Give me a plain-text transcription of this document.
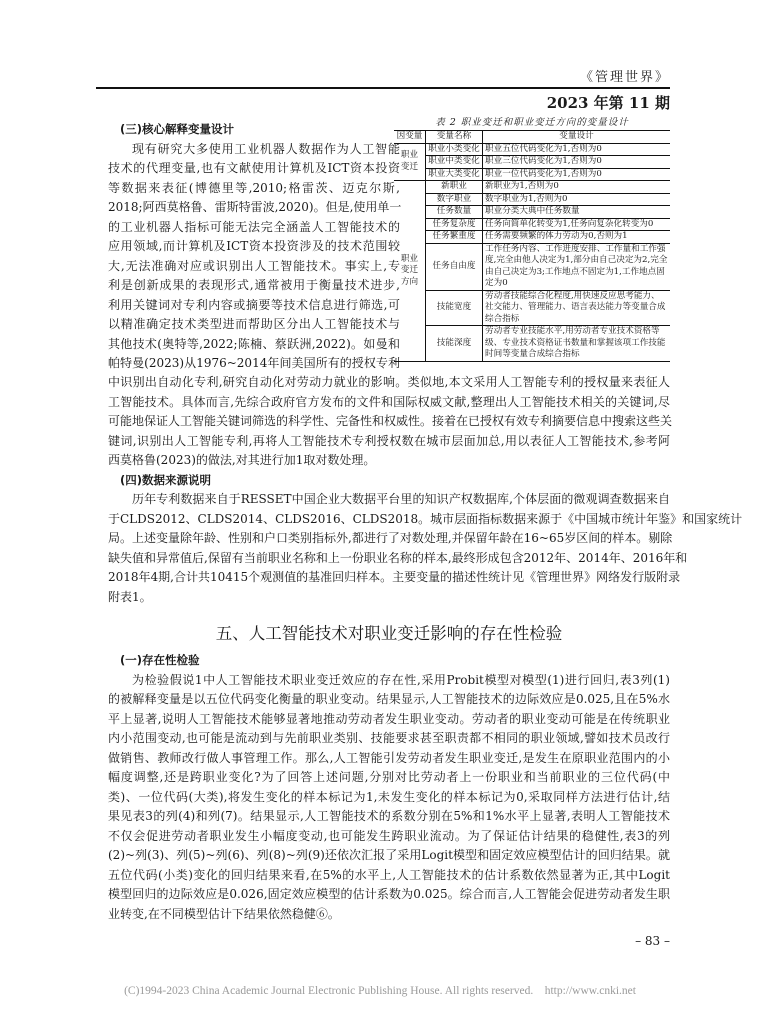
《管理世界》
2023 年第 11 期
(三)核心解释变量设计
现有研究大多使用工业机器人数据作为人工智能
技术的代理变量,也有文献使用计算机及ICT资本投资
等数据来表征(博德里等,2010;格雷茨、迈克尔斯,
2018;阿西莫格鲁、雷斯特雷波,2020)。但是,使用单一
的工业机器人指标可能无法完全涵盖人工智能技术的
应用领域,而计算机及ICT资本投资涉及的技术范围较
大,无法准确对应或识别出人工智能技术。事实上,专
利是创新成果的表现形式,通常被用于衡量技术进步,
利用关键词对专利内容或摘要等技术信息进行筛选,可
以精准确定技术类型进而帮助区分出人工智能技术与
其他技术(奥特等,2022;陈楠、蔡跃洲,2022)。如曼和
帕特曼(2023)从1976~2014年间美国所有的授权专利
表 2 职业变迁和职业变迁方向的变量设计
因变量	变量名称	变量设计
职业
变迁	职业小类变化	职业五位代码变化为1,否则为0
	职业中类变化	职业三位代码变化为1,否则为0
	职业大类变化	职业一位代码变化为1,否则为0
职业
变迁
方向	新职业	新职业为1,否则为0
	数字职业	数字职业为1,否则为0
	任务数量	职业分类大典中任务数量
	任务复杂度	任务向简单化转变为1,任务向复杂化转变为0
	任务繁重度	任务需要频繁的体力劳动为0,否则为1
	任务自由度	工作任务内容、工作进度安排、工作量和工作强度,完全由他人决定为1,部分由自己决定为2,完全由自己决定为3;工作地点不固定为1,工作地点固定为0
	技能宽度	劳动者技能综合化程度,用快速反应思考能力、社交能力、管理能力、语言表达能力等变量合成综合指标
	技能深度	劳动者专业技能水平,用劳动者专业技术资格等级、专业技术资格证书数量和掌握该项工作技能时间等变量合成综合指标
中识别出自动化专利,研究自动化对劳动力就业的影响。类似地,本文采用人工智能专利的授权量来表征人
工智能技术。具体而言,先综合政府官方发布的文件和国际权威文献,整理出人工智能技术相关的关键词,尽
可能地保证人工智能关键词筛选的科学性、完备性和权威性。接着在已授权有效专利摘要信息中搜索这些关
键词,识别出人工智能专利,再将人工智能技术专利授权数在城市层面加总,用以表征人工智能技术,参考阿
西莫格鲁(2023)的做法,对其进行加1取对数处理。
(四)数据来源说明
历年专利数据来自于RESSET中国企业大数据平台里的知识产权数据库,个体层面的微观调查数据来自
于CLDS2012、CLDS2014、CLDS2016、CLDS2018。城市层面指标数据来源于《中国城市统计年鉴》和国家统计
局。上述变量除年龄、性别和户口类别指标外,都进行了对数处理,并保留年龄在16~65岁区间的样本。剔除
缺失值和异常值后,保留有当前职业名称和上一份职业名称的样本,最终形成包含2012年、2014年、2016年和
2018年4期,合计共10415个观测值的基准回归样本。主要变量的描述性统计见《管理世界》网络发行版附录
附表1。
五、人工智能技术对职业变迁影响的存在性检验
(一)存在性检验
为检验假说1中人工智能技术职业变迁效应的存在性,采用Probit模型对模型(1)进行回归,表3列(1)
的被解释变量是以五位代码变化衡量的职业变动。结果显示,人工智能技术的边际效应是0.025,且在5%水
平上显著,说明人工智能技术能够显著地推动劳动者发生职业变动。劳动者的职业变动可能是在传统职业
内小范围变动,也可能是流动到与先前职业类别、技能要求甚至职责都不相同的职业领域,譬如技术员改行
做销售、教师改行做人事管理工作。那么,人工智能引发劳动者发生职业变迁,是发生在原职业范围内的小
幅度调整,还是跨职业变化?为了回答上述问题,分别对比劳动者上一份职业和当前职业的三位代码(中
类)、一位代码(大类),将发生变化的样本标记为1,未发生变化的样本标记为0,采取同样方法进行估计,结
果见表3的列(4)和列(7)。结果显示,人工智能技术的系数分别在5%和1%水平上显著,表明人工智能技术
不仅会促进劳动者职业发生小幅度变动,也可能发生跨职业流动。为了保证估计结果的稳健性,表3的列
(2)~列(3)、列(5)~列(6)、列(8)~列(9)还依次汇报了采用Logit模型和固定效应模型估计的回归结果。就
五位代码(小类)变化的回归结果来看,在5%的水平上,人工智能技术的估计系数依然显著为正,其中Logit
模型回归的边际效应是0.026,固定效应模型的估计系数为0.025。综合而言,人工智能会促进劳动者发生职
业转变,在不同模型估计下结果依然稳健⑥。
– 83 –
(C)1994-2023 China Academic Journal Electronic Publishing House. All rights reserved.    http://www.cnki.net
